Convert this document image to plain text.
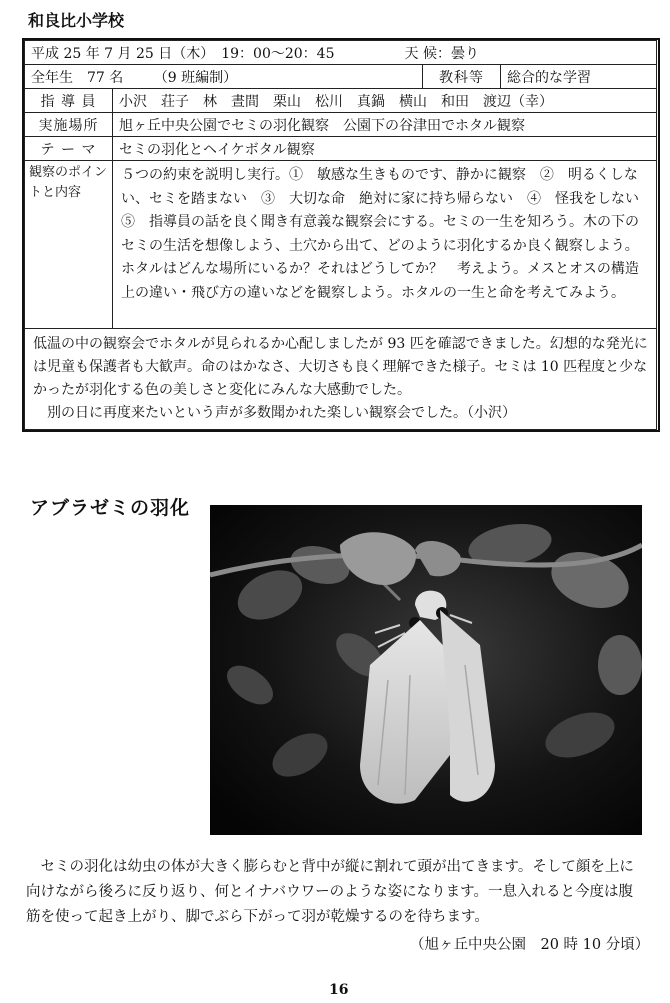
和良比小学校
平成 25 年 7 月 25 日（木）　19：00～20：45 天 候：曇り			

全年生　77 名 （9 班編制）		教科等	総合的な学習
指 導 員	小沢　荘子　林　晝間　栗山　松川　真鍋　横山　和田　渡辺（幸）		
実施場所	旭ヶ丘中央公園でセミの羽化観察　公園下の谷津田でホタル観察		
テ ー マ	セミの羽化とヘイケボタル観察		
観察のポイントと内容	５つの約束を説明し実行。①　敏感な生きものです、静かに観察　②　明るくしない、セミを踏まない　③　大切な命　絶対に家に持ち帰らない　④　怪我をしない　⑤　指導員の話を良く聞き有意義な観察会にする。セミの一生を知ろう。木の下のセミの生活を想像しよう、土穴から出て、どのように羽化するか良く観察しよう。ホタルはどんな場所にいるか？それはどうしてか？　考えよう。メスとオスの構造上の違い・飛び方の違いなどを観察しよう。ホタルの一生と命を考えてみよう。		

低温の中の観察会でホタルが見られるか心配しましたが 93 匹を確認できました。幻想的な発光には児童も保護者も大歓声。命のはかなさ、大切さも良く理解できた様子。セミは 10 匹程度と少なかったが羽化する色の美しさと変化にみんな大感動でした。

別の日に再度来たいという声が多数聞かれた楽しい観察会でした。（小沢）			

アブラゼミの羽化

セミの羽化は幼虫の体が大きく膨らむと背中が縦に割れて頭が出てきます。そして顔を上に向けながら後ろに反り返り、何とイナバウワーのような姿になります。一息入れると今度は腹筋を使って起き上がり、脚でぶら下がって羽が乾燥するのを待ちます。

（旭ヶ丘中央公園　20 時 10 分頃）
16
